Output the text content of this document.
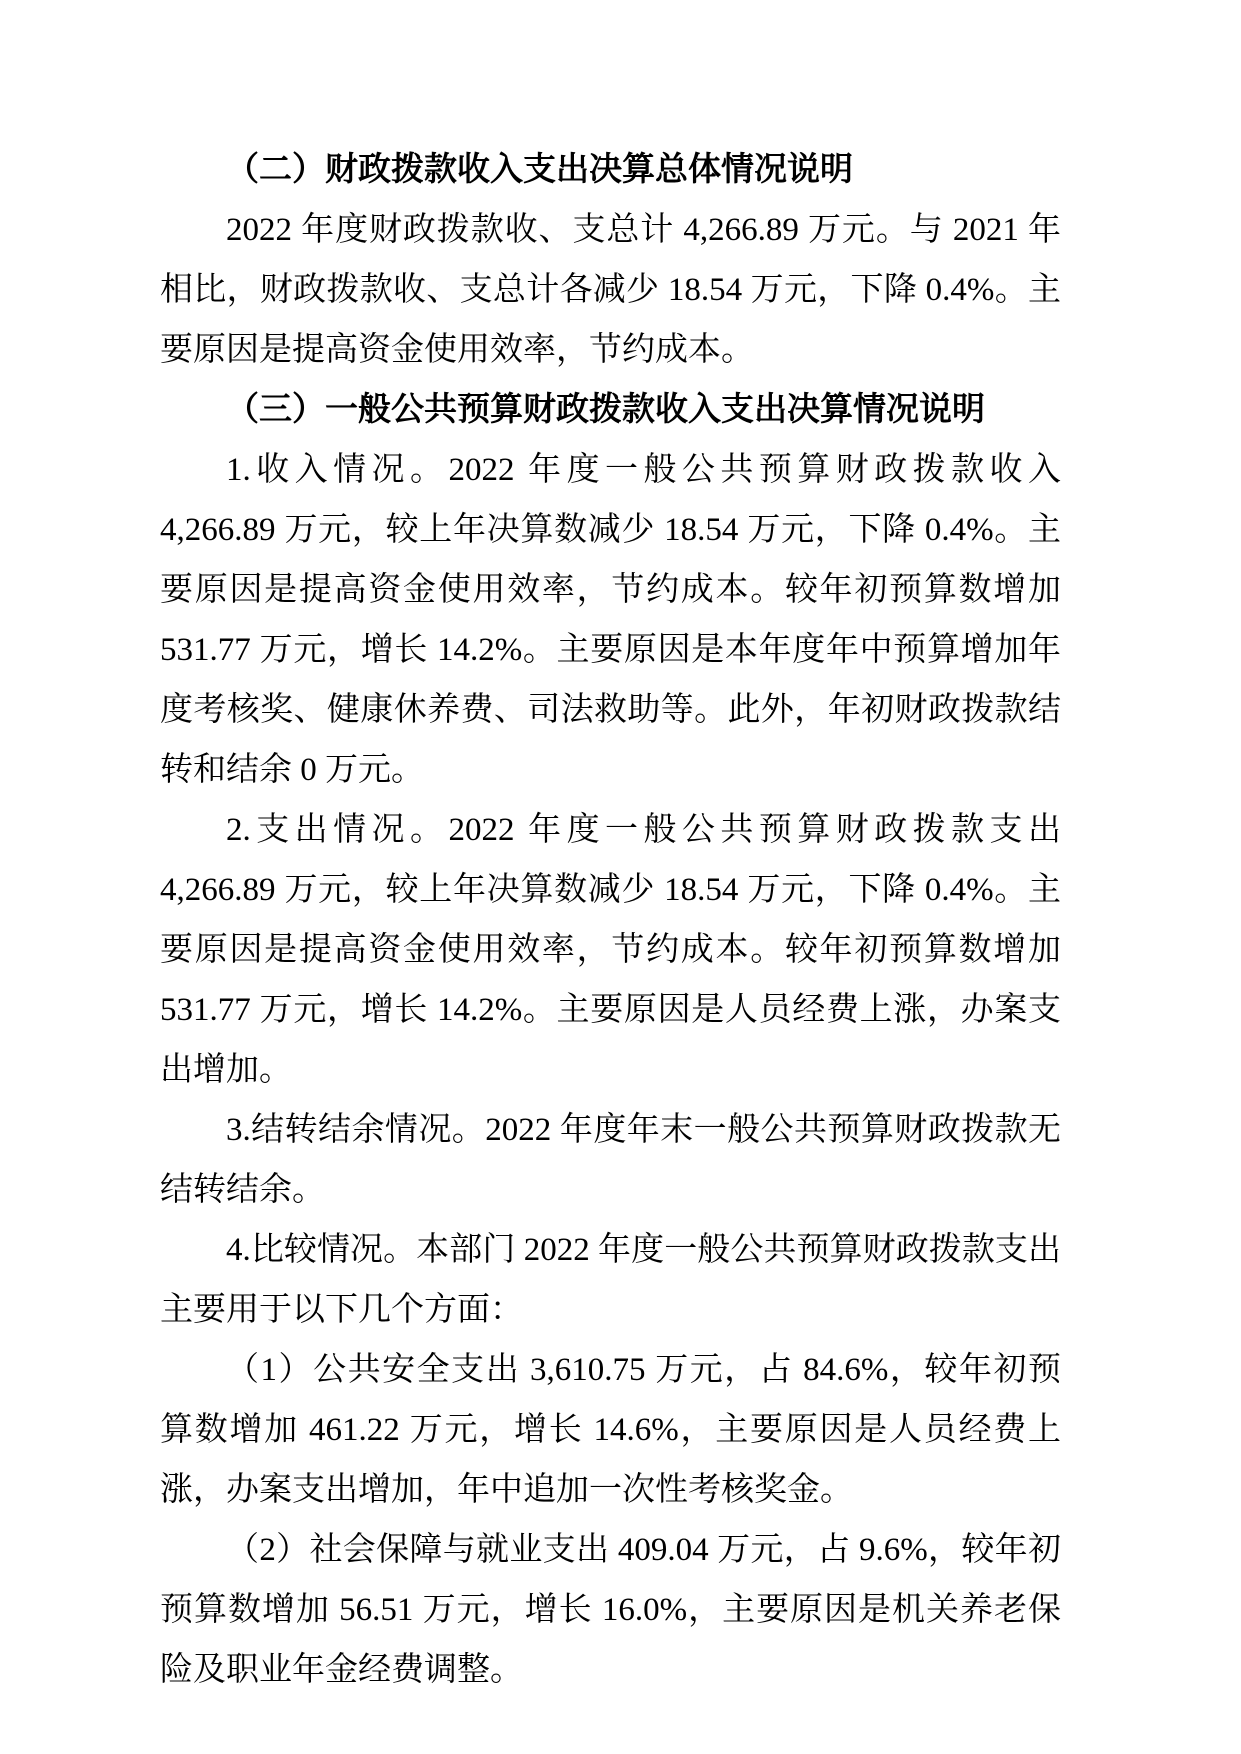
（二）财政拨款收入支出决算总体情况说明

2022 年度财政拨款收、支总计 4,266.89 万元。与 2021 年相比，财政拨款收、支总计各减少 18.54 万元，下降 0.4%。主要原因是提高资金使用效率，节约成本。

（三）一般公共预算财政拨款收入支出决算情况说明

1.收入情况。2022 年度一般公共预算财政拨款收入 4,266.89 万元，较上年决算数减少 18.54 万元，下降 0.4%。主要原因是提高资金使用效率，节约成本。较年初预算数增加 531.77 万元，增长 14.2%。主要原因是本年度年中预算增加年度考核奖、健康休养费、司法救助等。此外，年初财政拨款结转和结余 0 万元。

2.支出情况。2022 年度一般公共预算财政拨款支出 4,266.89 万元，较上年决算数减少 18.54 万元，下降 0.4%。主要原因是提高资金使用效率，节约成本。较年初预算数增加 531.77 万元，增长 14.2%。主要原因是人员经费上涨，办案支出增加。

3.结转结余情况。2022 年度年末一般公共预算财政拨款无结转结余。

4.比较情况。本部门 2022 年度一般公共预算财政拨款支出主要用于以下几个方面：

（1）公共安全支出 3,610.75 万元，占 84.6%，较年初预算数增加 461.22 万元，增长 14.6%，主要原因是人员经费上涨，办案支出增加，年中追加一次性考核奖金。

（2）社会保障与就业支出 409.04 万元，占 9.6%，较年初预算数增加 56.51 万元，增长 16.0%，主要原因是机关养老保险及职业年金经费调整。
